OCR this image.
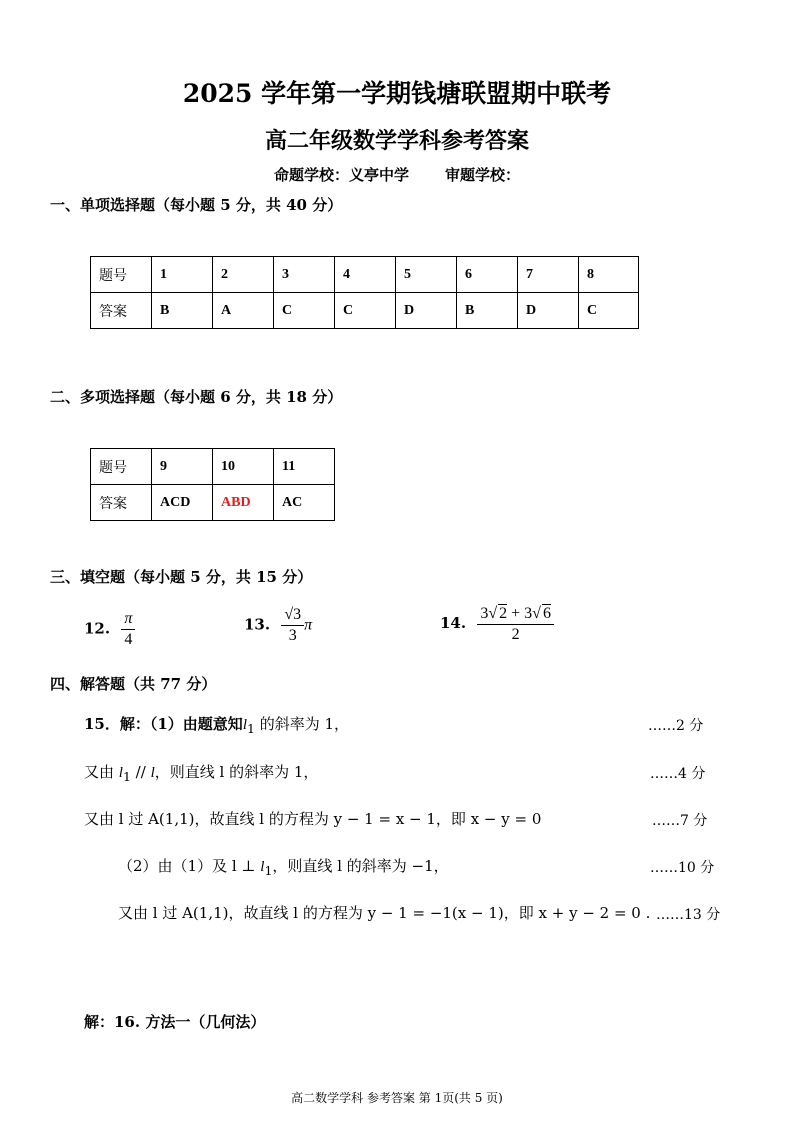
2025 学年第一学期钱塘联盟期中联考
高二年级数学学科参考答案
命题学校：义亭中学 审题学校：
一、单项选择题（每小题 5 分，共 40 分）
题号	1	2	3	4	5	6	7	8
答案	B	A	C	C	D	B	D	C
二、多项选择题（每小题 6 分，共 18 分）
题号	9	10	11
答案	ACD	ABD	AC
三、填空题（每小题 5 分，共 15 分）
12. $\frac{\pi}{4}$	13. $\frac{√3}{3}$ π	14. $\frac{3√ 2 + 3√ 6}{2}$
四、解答题（共 77 分）
15．解：（1）由题意知$l_1$ 的斜率为 1，	……2 分
又由 $l_1$ // l，则直线 l 的斜率为 1，	……4 分
又由 l 过 A(1,1)，故直线 l 的方程为 y − 1 = x − 1，即 x − y = 0	……7 分
（2）由（1）及 l ⊥ $l_1$，则直线 l 的斜率为 −1，	……10 分
又由 l 过 A(1,1)，故直线 l 的方程为 y − 1 = −1(x − 1)，即 x + y − 2 = 0 . ……13 分
解：16. 方法一（几何法）
高二数学学科 参考答案 第 1页(共 5 页)
